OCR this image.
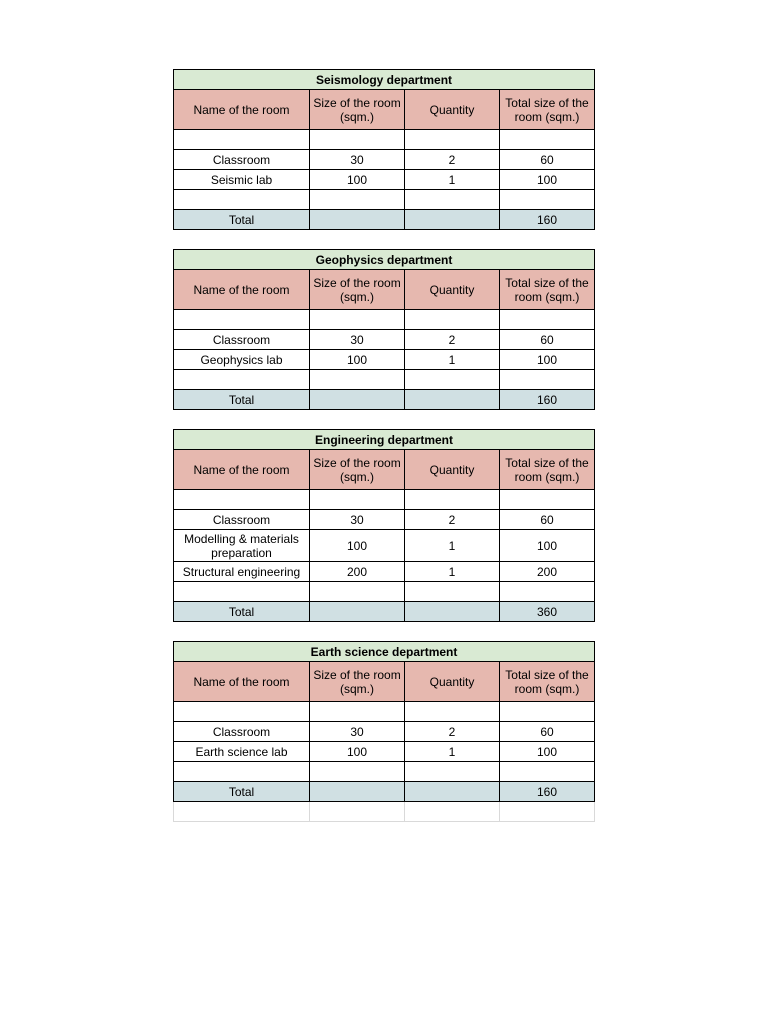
Seismology department			
Name of the room	Size of the room (sqm.)	Quantity	Total size of the room (sqm.)

Classroom	30	2	60
Seismic lab	100	1	100

Total			160

Geophysics department			
Name of the room	Size of the room (sqm.)	Quantity	Total size of the room (sqm.)

Classroom	30	2	60
Geophysics lab	100	1	100

Total			160

Engineering department			
Name of the room	Size of the room (sqm.)	Quantity	Total size of the room (sqm.)

Classroom	30	2	60
Modelling & materials preparation	100	1	100
Structural engineering	200	1	200

Total			360

Earth science department			
Name of the room	Size of the room (sqm.)	Quantity	Total size of the room (sqm.)

Classroom	30	2	60
Earth science lab	100	1	100

Total			160
